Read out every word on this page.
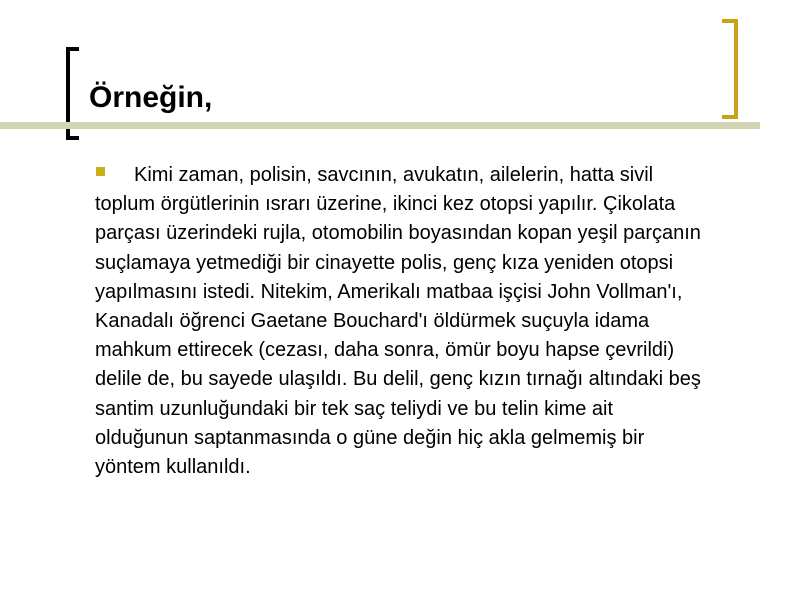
Örneğin,

Kimi zaman, polisin, savcının, avukatın, ailelerin, hatta sivil toplum örgütlerinin ısrarı üzerine, ikinci kez otopsi yapılır. Çikolata parçası üzerindeki rujla, otomobilin boyasından kopan yeşil parçanın suçlamaya yetmediği bir cinayette polis, genç kıza yeniden otopsi yapılmasını istedi. Nitekim, Amerikalı matbaa işçisi John Vollman'ı, Kanadalı öğrenci Gaetane Bouchard'ı öldürmek suçuyla idama mahkum ettirecek (cezası, daha sonra, ömür boyu hapse çevrildi) delile de, bu sayede ulaşıldı. Bu delil, genç kızın tırnağı altındaki beş santim uzunluğundaki bir tek saç teliydi ve bu telin kime ait olduğunun saptanmasında o güne değin hiç akla gelmemiş bir yöntem kullanıldı.
